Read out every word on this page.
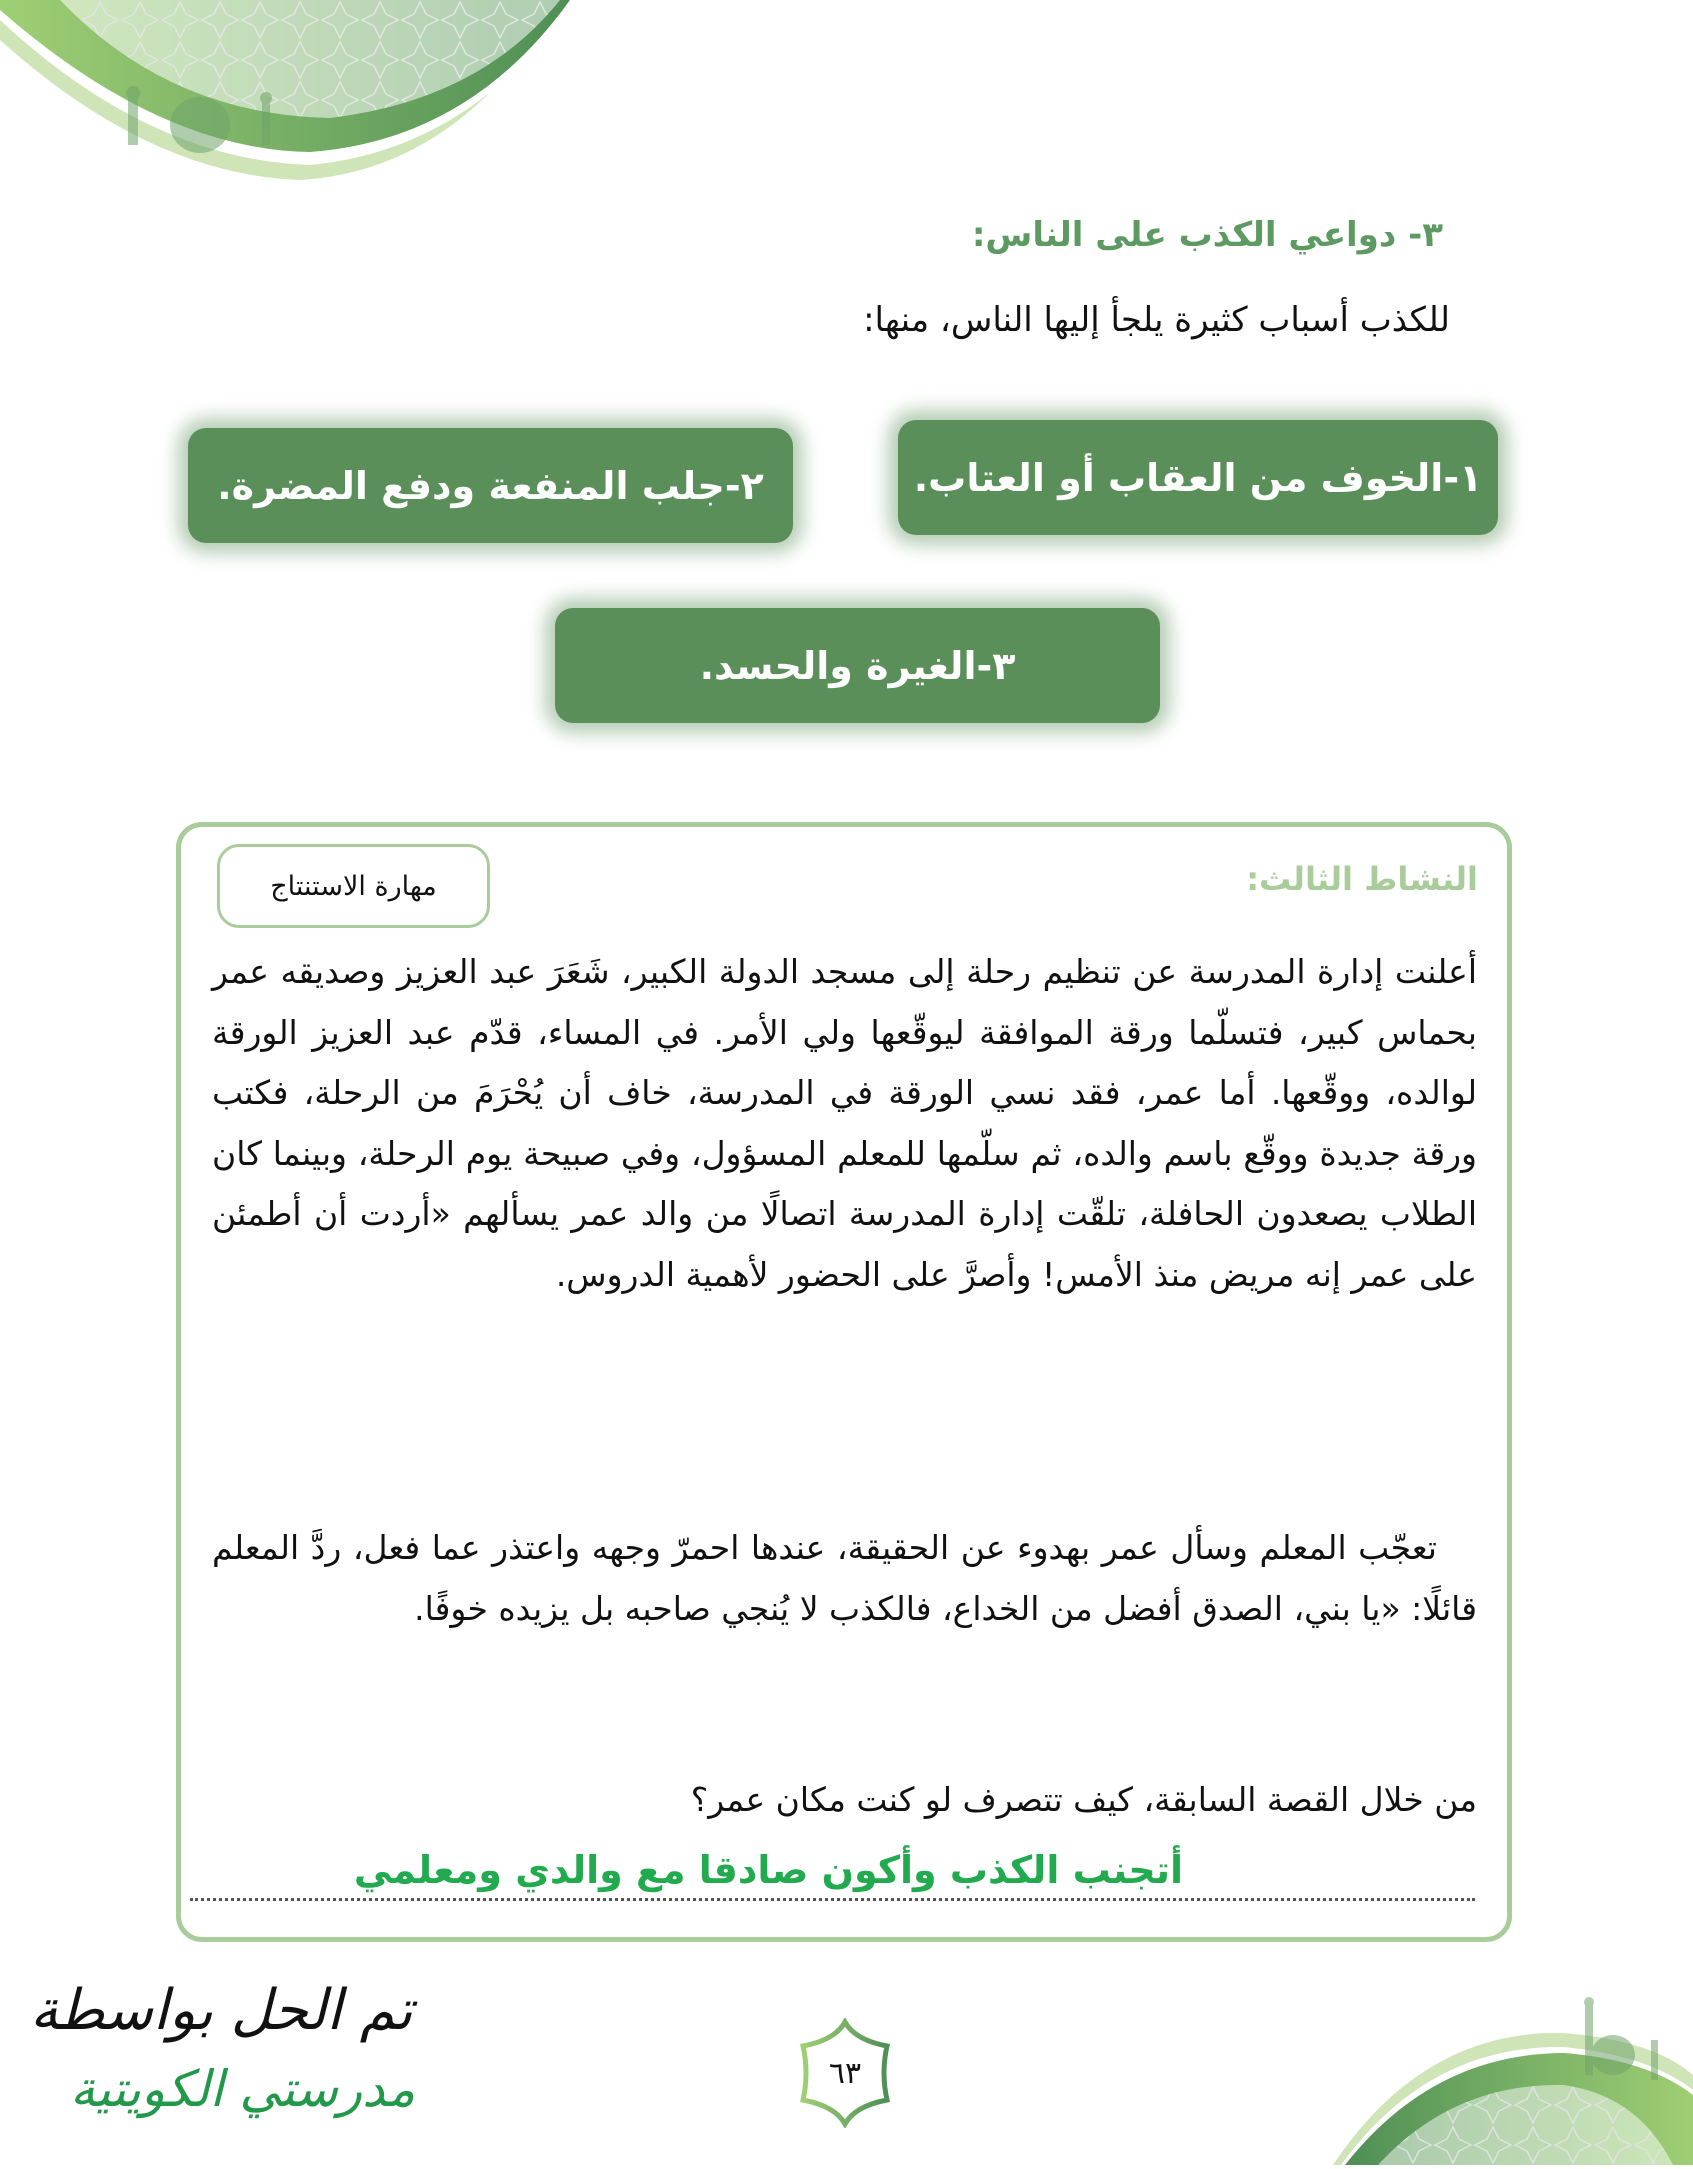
٣- دواعي الكذب على الناس:
للكذب أسباب كثيرة يلجأ إليها الناس، منها:
١-الخوف من العقاب أو العتاب.
٢-جلب المنفعة ودفع المضرة.
٣-الغيرة والحسد.
النشاط الثالث:
مهارة الاستنتاج
أعلنت إدارة المدرسة عن تنظيم رحلة إلى مسجد الدولة الكبير، شَعَرَ عبد العزيز وصديقه عمر بحماس كبير، فتسلّما ورقة الموافقة ليوقّعها ولي الأمر. في المساء، قدّم عبد العزيز الورقة لوالده، ووقّعها. أما عمر، فقد نسي الورقة في المدرسة، خاف أن يُحْرَمَ من الرحلة، فكتب ورقة جديدة ووقّع باسم والده، ثم سلّمها للمعلم المسؤول، وفي صبيحة يوم الرحلة، وبينما كان الطلاب يصعدون الحافلة، تلقّت إدارة المدرسة اتصالًا من والد عمر يسألهم «أردت أن أطمئن على عمر إنه مريض منذ الأمس! وأصرَّ على الحضور لأهمية الدروس.
تعجّب المعلم وسأل عمر بهدوء عن الحقيقة، عندها احمرّ وجهه واعتذر عما فعل، ردَّ المعلم قائلًا: «يا بني، الصدق أفضل من الخداع، فالكذب لا يُنجي صاحبه بل يزيده خوفًا.
من خلال القصة السابقة، كيف تتصرف لو كنت مكان عمر؟
أتجنب الكذب وأكون صادقا مع والدي ومعلمي
تم الحل بواسطة
مدرستي الكويتية	٦٣
